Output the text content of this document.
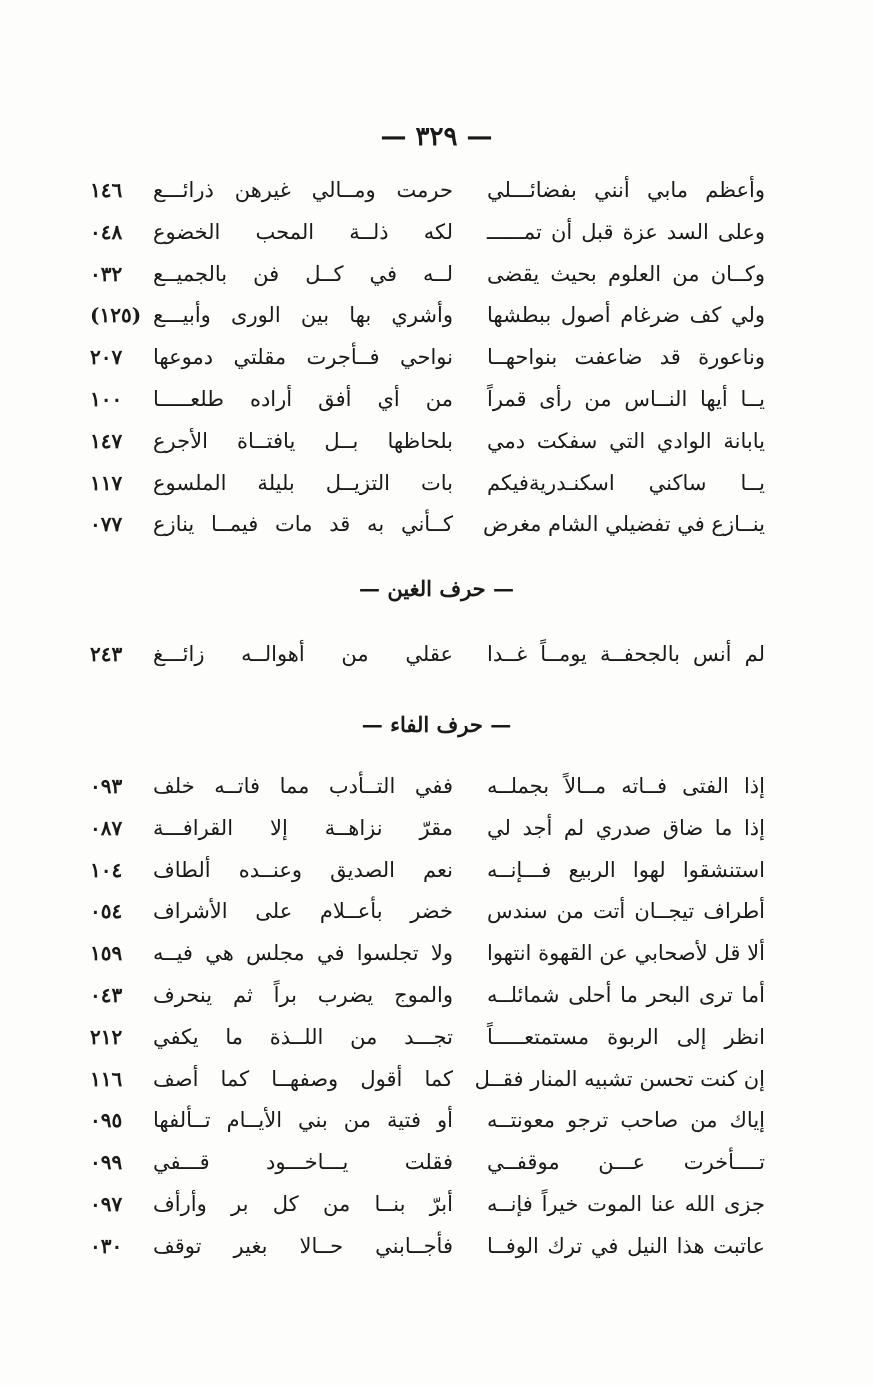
— ٣٢٩ —
وأعظم مابي أنني بفضائـــلي
حرمت ومــالي غيرهن ذرائـــع
١٤٦
وعلى السد عزة قبل أن تمــــــ
لكه ذلــة المحب الخضوع
٠٤٨
وكــان من العلوم بحيث يقضى
لــه في كــل فن بالجميــع
٠٣٢
ولي كف ضرغام أصول ببطشها
وأشري بها بين الورى وأبيـــع
(١٢٥)
وناعورة قد ضاعفت بنواحهــا
نواحي فــأجرت مقلتي دموعها
٢٠٧
يــا أيها النــاس من رأى قمراً
من أي أفق أراده طلعـــــا
١٠٠
يابانة الوادي التي سفكت دمي
بلحاظها بــل يافتــاة الأجرع
١٤٧
يــا ساكني اسكنـدريةفيكم
بات التزيــل بليلة الملسوع
١١٧
ينــازع في تفضيلي الشام مغرض
كــأني به قد مات فيمــا ينازع
٠٧٧
— حرف الغين —
لم أنس بالجحفــة يومــاً غــدا
عقلي من أهوالــه زائـــغ
٢٤٣
— حرف الفاء —
إذا الفتى فــاته مــالاً بجملــه
ففي التــأدب مما فاتــه خلف
٠٩٣
إذا ما ضاق صدري لم أجد لي
مقرّ نزاهــة إلا القرافـــة
٠٨٧
استنشقوا لهوا الربيع فـــإنــه
نعم الصديق وعنــده ألطاف
١٠٤
أطراف تيجــان أتت من سندس
خضر بأعــلام على الأشراف
٠٥٤
ألا قل لأصحابي عن القهوة انتهوا
ولا تجلسوا في مجلس هي فيــه
١٥٩
أما ترى البحر ما أحلى شمائلــه
والموج يضرب براً ثم ينحرف
٠٤٣
انظر إلى الربوة مستمتعـــــاً
تجـــد من اللــذة ما يكفي
٢١٢
إن كنت تحسن تشبيه المنار فقــل
كما أقول وصفهــا كما أصف
١١٦
إياك من صاحب ترجو معونتــه
أو فتية من بني الأيــام تــألفها
٠٩٥
تــــأخرت عـــن موقفــي
فقلت يـــاخـــود قـــفي
٠٩٩
جزى الله عنا الموت خيراً فإنــه
أبرّ بنــا من كل بر وأرأف
٠٩٧
عاتبت هذا النيل في ترك الوفــا
فأجــابني حــالا بغير توقف
٠٣٠
